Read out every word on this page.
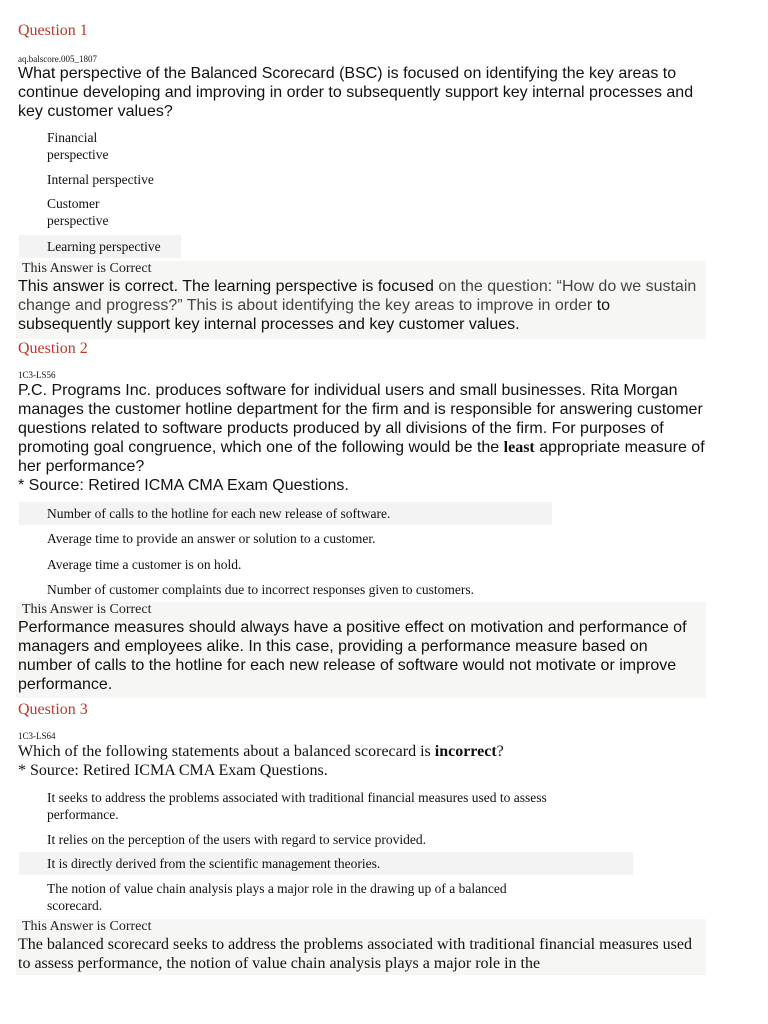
Question 1
aq.balscore.005_1807

What perspective of the Balanced Scorecard (BSC) is focused on identifying the key areas to continue developing and improving in order to subsequently support key internal processes and key customer values?

Financial
perspective
Internal perspective
Customer
perspective
Learning perspective
This Answer is Correct

This answer is correct. The learning perspective is focused on the question: “How do we sustain change and progress?” This is about identifying the key areas to improve in order to subsequently support key internal processes and key customer values.

Question 2
1C3-LS56

P.C. Programs Inc. produces software for individual users and small businesses. Rita Morgan manages the customer hotline department for the firm and is responsible for answering customer questions related to software products produced by all divisions of the firm. For purposes of promoting goal congruence, which one of the following would be the least appropriate measure of her performance?

* Source: Retired ICMA CMA Exam Questions.

Number of calls to the hotline for each new release of software.
Average time to provide an answer or solution to a customer.
Average time a customer is on hold.
Number of customer complaints due to incorrect responses given to customers.
This Answer is Correct

Performance measures should always have a positive effect on motivation and performance of managers and employees alike. In this case, providing a performance measure based on number of calls to the hotline for each new release of software would not motivate or improve performance.

Question 3
1C3-LS64

Which of the following statements about a balanced scorecard is incorrect?

* Source: Retired ICMA CMA Exam Questions.

It seeks to address the problems associated with traditional financial measures used to assess
performance.
It relies on the perception of the users with regard to service provided.
It is directly derived from the scientific management theories.
The notion of value chain analysis plays a major role in the drawing up of a balanced
scorecard.
This Answer is Correct

The balanced scorecard seeks to address the problems associated with traditional financial measures used to assess performance, the notion of value chain analysis plays a major role in the
